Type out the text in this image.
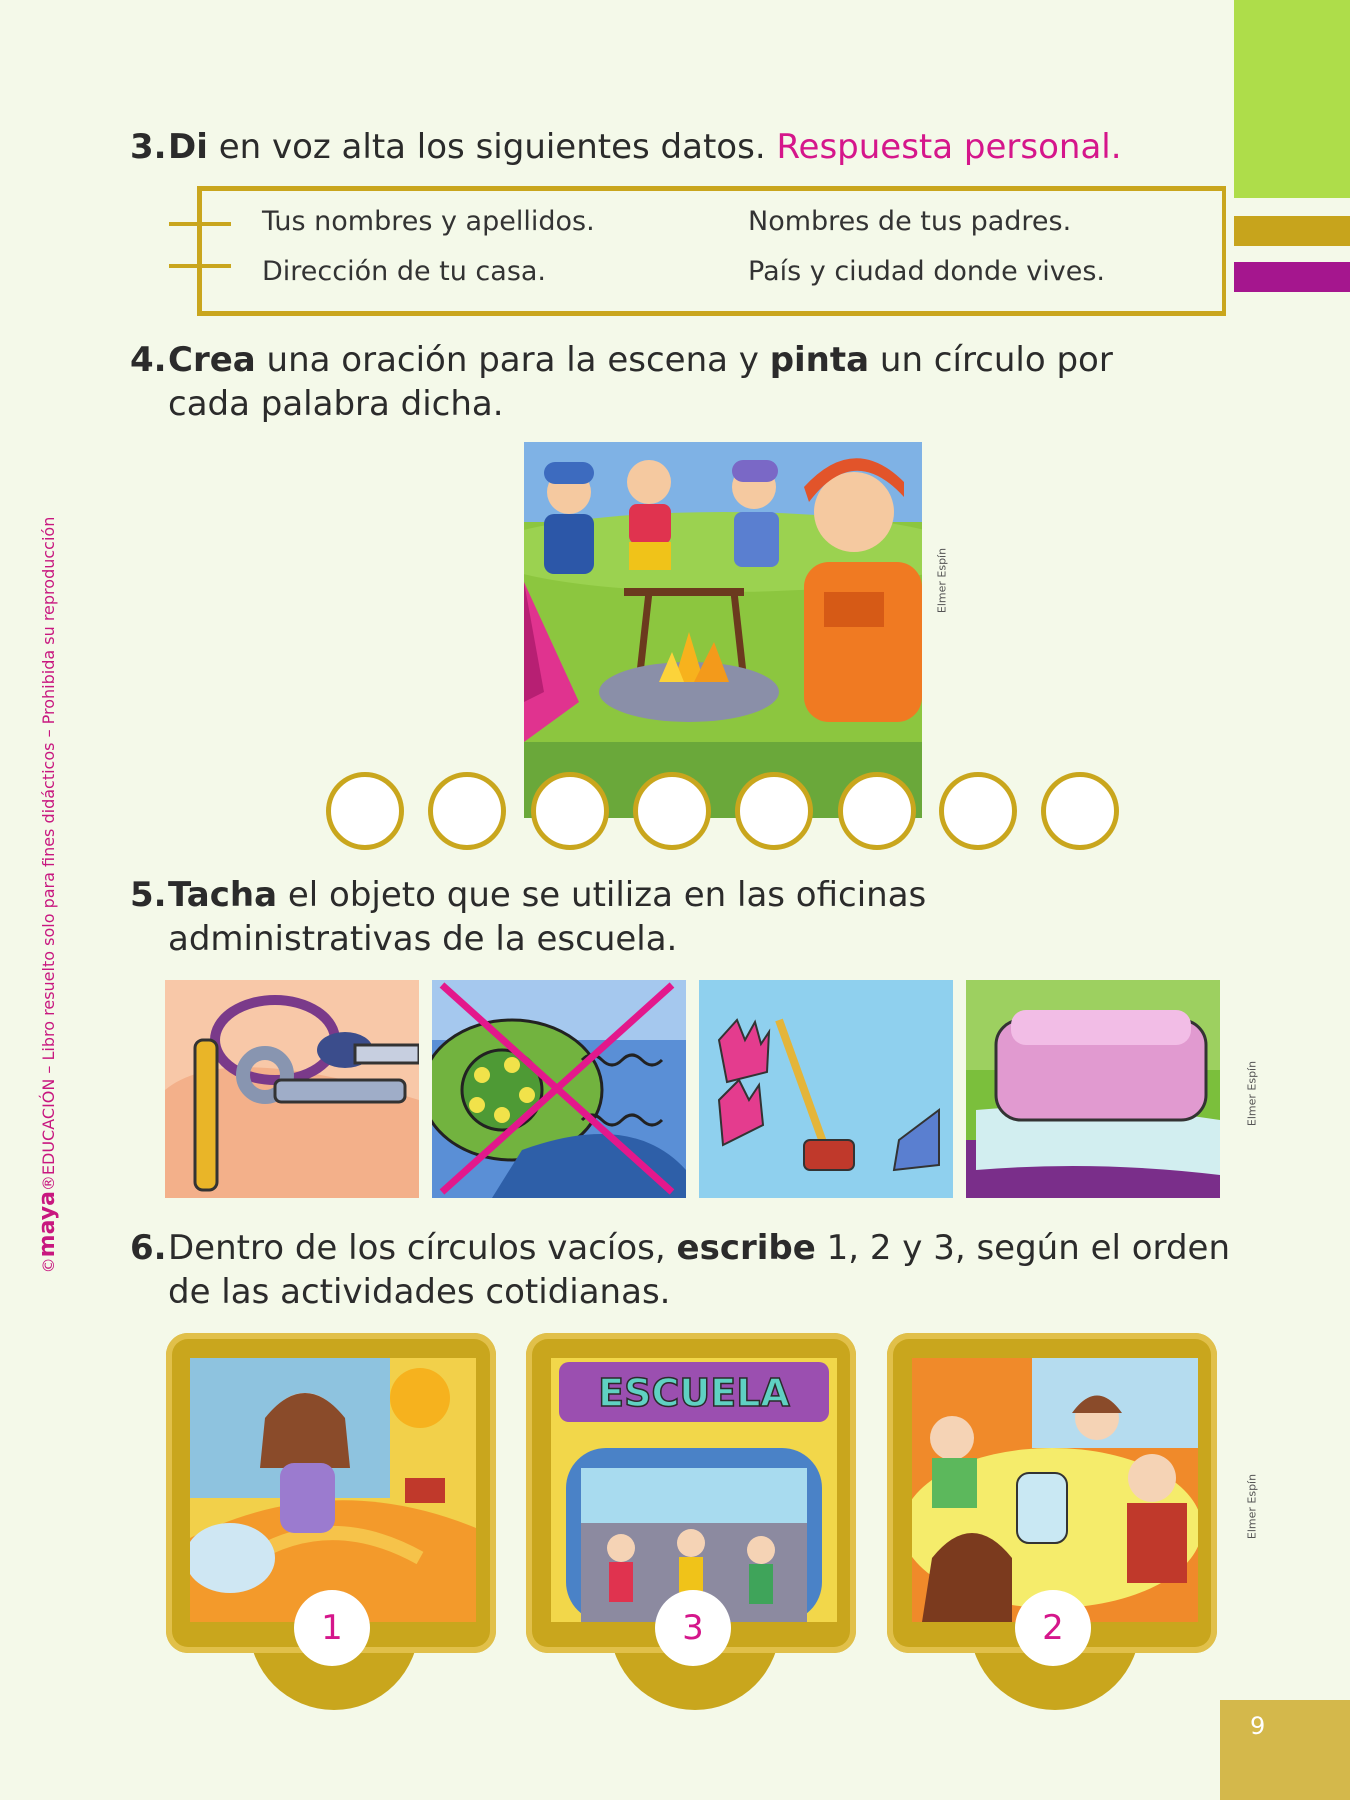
©maya®EDUCACIÓN – Libro resuelto solo para fines didácticos – Prohibida su reproducción
3. Di en voz alta los siguientes datos. Respuesta personal.
Tus nombres y apellidos.	Nombres de tus padres.
Dirección de tu casa.	País y ciudad donde vives.
4. Crea una oración para la escena y pinta un círculo por
cada palabra dicha.
Elmer Espín
5. Tacha el objeto que se utiliza en las oficinas
administrativas de la escuela.
Elmer Espín
6. Dentro de los círculos vacíos, escribe 1, 2 y 3, según el orden
de las actividades cotidianas.
1
ESCUELA
3	2
Elmer Espín
9
